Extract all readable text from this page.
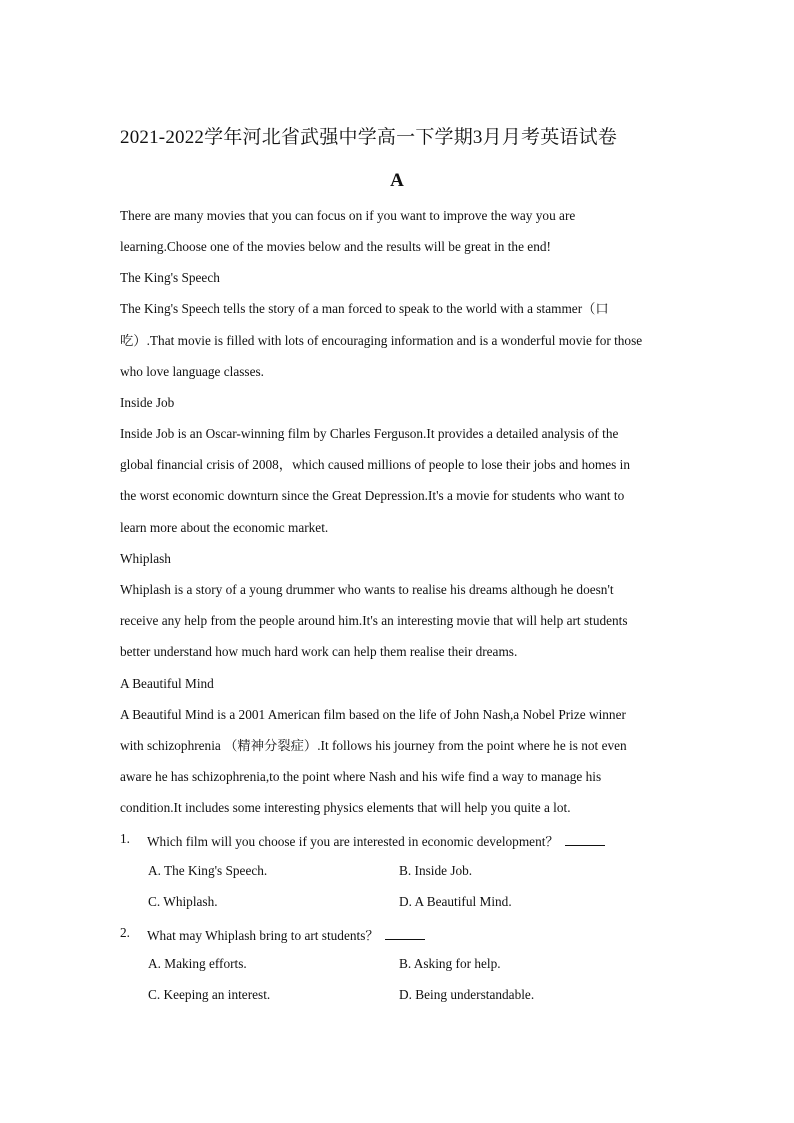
2021-2022学年河北省武强中学高一下学期3月月考英语试卷
A
There are many movies that you can focus on if you want to improve the way you are
learning.Choose one of the movies below and the results will be great in the end!
The King's Speech
The King's Speech tells the story of a man forced to speak to the world with a stammer（口
吃）.That movie is filled with lots of encouraging information and is a wonderful movie for those
who love language classes.
Inside Job
Inside Job is an Oscar-winning film by Charles Ferguson.It provides a detailed analysis of the
global financial crisis of 2008，which caused millions of people to lose their jobs and homes in
the worst economic downturn since the Great Depression.It's a movie for students who want to
learn more about the economic market.
Whiplash
Whiplash is a story of a young drummer who wants to realise his dreams although he doesn't
receive any help from the people around him.It's an interesting movie that will help art students
better understand how much hard work can help them realise their dreams.
A Beautiful Mind
A Beautiful Mind is a 2001 American film based on the life of John Nash,a Nobel Prize winner
with schizophrenia （精神分裂症）.It follows his journey from the point where he is not even
aware he has schizophrenia,to the point where Nash and his wife find a way to manage his
condition.It includes some interesting physics elements that will help you quite a lot.
1. Which film will you choose if you are interested in economic development？
A. The King's Speech.	B. Inside Job.
C. Whiplash.	D. A Beautiful Mind.
2. What may Whiplash bring to art students？
A. Making efforts.	B. Asking for help.
C. Keeping an interest.	D. Being understandable.
